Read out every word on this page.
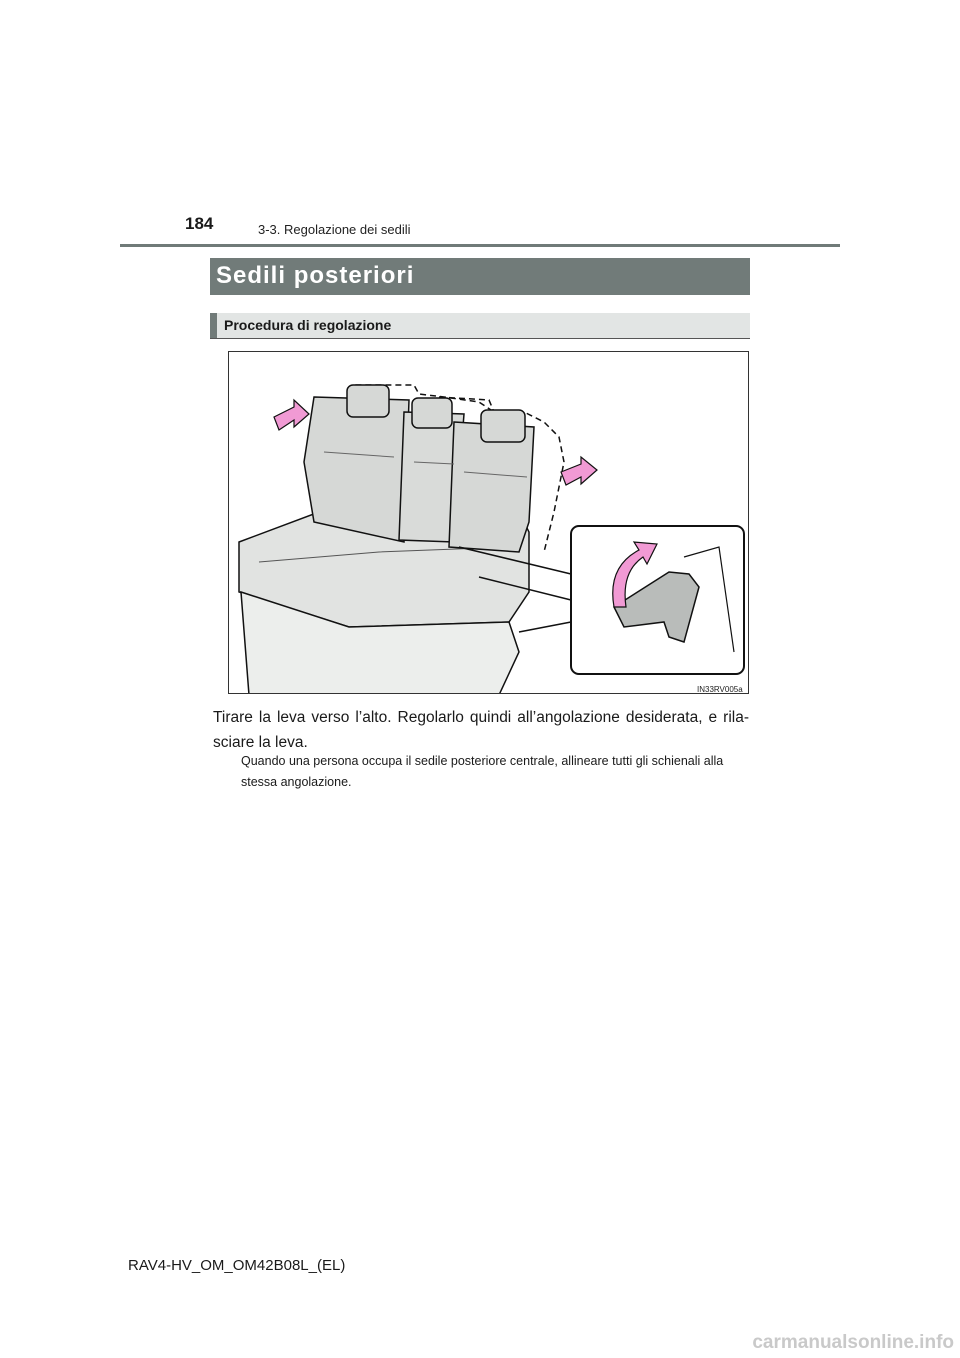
184	3-3. Regolazione dei sedili
Sedili posteriori
Procedura di regolazione
IN33RV005a
Tirare la leva verso l’alto. Regolarlo quindi all’angolazione desiderata, e rila- sciare la leva.
Quando una persona occupa il sedile posteriore centrale, allineare tutti gli schienali alla stessa angolazione.
RAV4-HV_OM_OM42B08L_(EL)
carmanualsonline.info
